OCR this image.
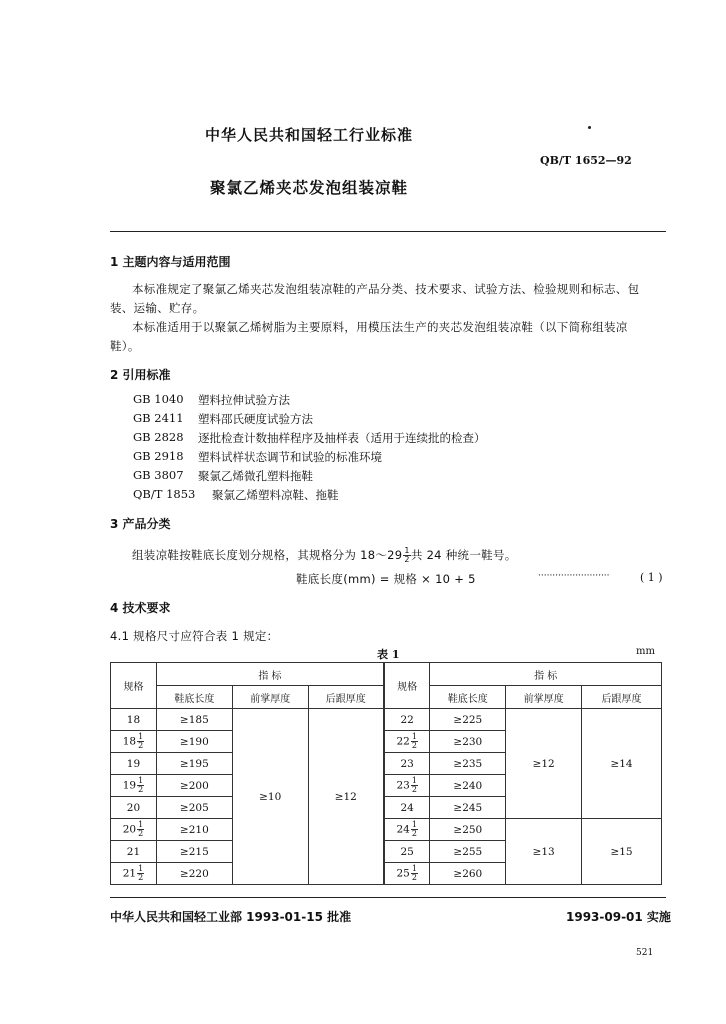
中华人民共和国轻工行业标准
QB/T 1652—92
聚氯乙烯夹芯发泡组装凉鞋
1 主题内容与适用范围
本标准规定了聚氯乙烯夹芯发泡组装凉鞋的产品分类、技术要求、试验方法、检验规则和标志、包
装、运输、贮存。
本标准适用于以聚氯乙烯树脂为主要原料，用模压法生产的夹芯发泡组装凉鞋（以下简称组装凉
鞋）。
2 引用标准
GB 1040 塑料拉伸试验方法
GB 2411 塑料邵氏硬度试验方法
GB 2828 逐批检查计数抽样程序及抽样表（适用于连续批的检查）
GB 2918 塑料试样状态调节和试验的标准环境
GB 3807 聚氯乙烯微孔塑料拖鞋
QB/T 1853 聚氯乙烯塑料凉鞋、拖鞋
3 产品分类
组装凉鞋按鞋底长度划分规格，其规格分为 18～29 $\frac{1}{2}$ 共 24 种统一鞋号。
鞋底长度(mm) = 规格 × 10 + 5	·························	( 1 )
4 技术要求
4.1 规格尺寸应符合表 1 规定：
表 1	mm
规格	指 标			规格	指 标		
	鞋底长度	前掌厚度	后跟厚度		鞋底长度	前掌厚度	后跟厚度
18	≥185	≥10	≥12	22	≥225	≥12	≥14
$18 \frac{1}{2}$	≥190			$22 \frac{1}{2}$	≥230		
19	≥195			23	≥235		
$19 \frac{1}{2}$	≥200			$23 \frac{1}{2}$	≥240		
20	≥205			24	≥245		
$20 \frac{1}{2}$	≥210			$24 \frac{1}{2}$	≥250	≥13	≥15
21	≥215			25	≥255		
$21 \frac{1}{2}$	≥220			$25 \frac{1}{2}$	≥260		
中华人民共和国轻工业部 1993-01-15 批准	1993-09-01 实施
521
